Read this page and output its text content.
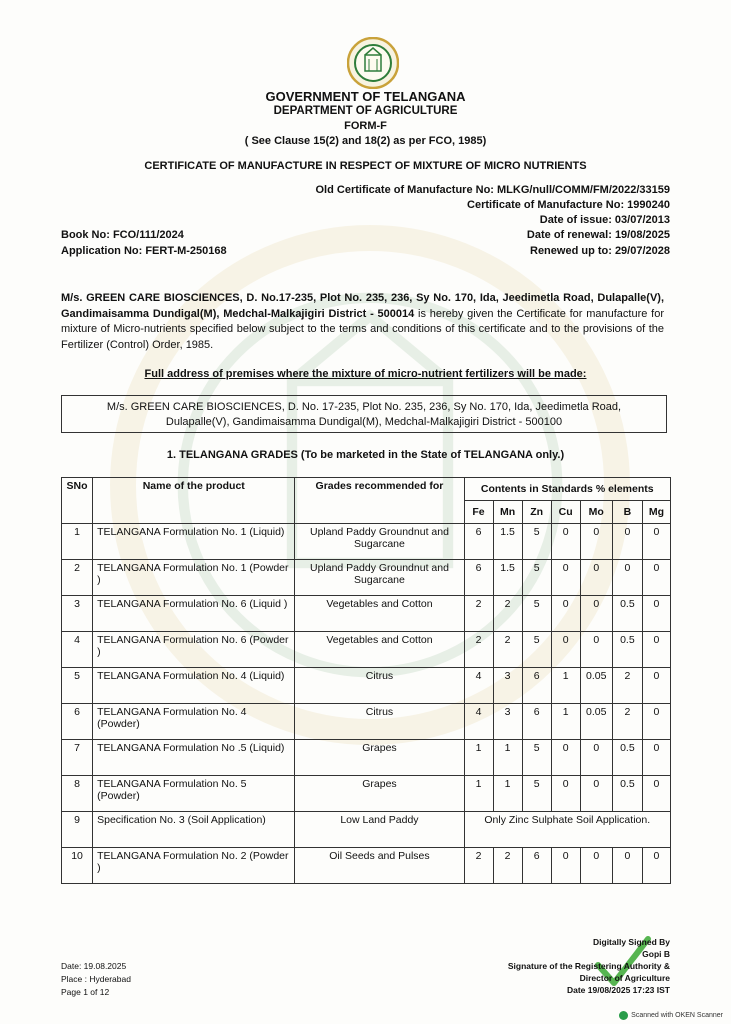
GOVERNMENT OF TELANGANA
DEPARTMENT OF AGRICULTURE
FORM-F
( See Clause 15(2) and 18(2) as per FCO, 1985)
CERTIFICATE OF MANUFACTURE IN RESPECT OF MIXTURE OF MICRO NUTRIENTS
Old Certificate of Manufacture No: MLKG/null/COMM/FM/2022/33159
Certificate of Manufacture No: 1990240
Date of issue: 03/07/2013
Book No: FCO/111/2024	Date of renewal: 19/08/2025
Application No: FERT-M-250168	Renewed up to: 29/07/2028
M/s. GREEN CARE BIOSCIENCES, D. No.17-235, Plot No. 235, 236, Sy No. 170, Ida, Jeedimetla Road, Dulapalle(V), Gandimaisamma Dundigal(M), Medchal-Malkajigiri District - 500014 is hereby given the Certificate for manufacture for mixture of Micro-nutrients specified below subject to the terms and conditions of this certificate and to the provisions of the Fertilizer (Control) Order, 1985.
Full address of premises where the mixture of micro-nutrient fertilizers will be made:
M/s. GREEN CARE BIOSCIENCES, D. No. 17-235, Plot No. 235, 236, Sy No. 170, Ida, Jeedimetla Road,
Dulapalle(V), Gandimaisamma Dundigal(M), Medchal-Malkajigiri District - 500100
1. TELANGANA GRADES (To be marketed in the State of TELANGANA only.)
SNo	Name of the product	Grades recommended for	Contents in Standards % elements						
			Fe	Mn	Zn	Cu	Mo	B	Mg
1	TELANGANA Formulation No. 1 (Liquid)	Upland Paddy Groundnut and Sugarcane	6	1.5	5	0	0	0	0
2	TELANGANA Formulation No. 1 (Powder )	Upland Paddy Groundnut and Sugarcane	6	1.5	5	0	0	0	0
3	TELANGANA Formulation No. 6 (Liquid )	Vegetables and Cotton	2	2	5	0	0	0.5	0
4	TELANGANA Formulation No. 6 (Powder )	Vegetables and Cotton	2	2	5	0	0	0.5	0
5	TELANGANA Formulation No. 4 (Liquid)	Citrus	4	3	6	1	0.05	2	0
6	TELANGANA Formulation No. 4 (Powder)	Citrus	4	3	6	1	0.05	2	0
7	TELANGANA Formulation No .5 (Liquid)	Grapes	1	1	5	0	0	0.5	0
8	TELANGANA Formulation No. 5 (Powder)	Grapes	1	1	5	0	0	0.5	0
9	Specification No. 3 (Soil Application)	Low Land Paddy	Only Zinc Sulphate Soil Application.						
10	TELANGANA Formulation No. 2 (Powder )	Oil Seeds and Pulses	2	2	6	0	0	0	0
Date: 19.08.2025
Place : Hyderabad
Page 1 of 12
Digitally Signed By
Gopi B
Signature of the Registering Authority &
Director of Agriculture
Date 19/08/2025 17:23 IST
Scanned with OKEN Scanner
